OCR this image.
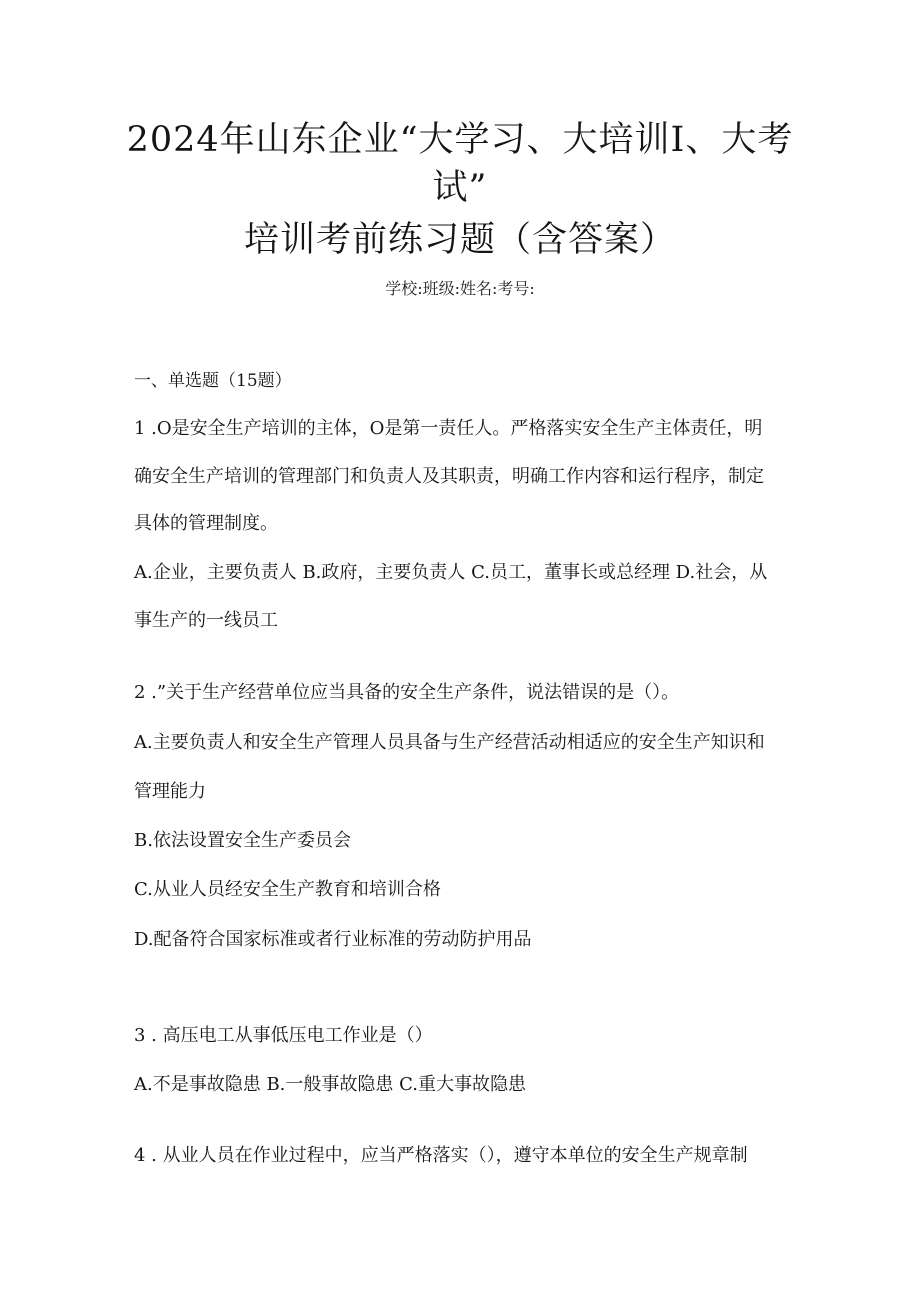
2024年山东企业“大学习、大培训I、大考
试”
培训考前练习题（含答案）
学校:班级:姓名:考号:
一、单选题（15题）
1 .O是安全生产培训的主体，O是第一责任人。严格落实安全生产主体责任，明
确安全生产培训的管理部门和负责人及其职责，明确工作内容和运行程序，制定
具体的管理制度。
A.企业，主要负责人 B.政府，主要负责人 C.员工，董事长或总经理 D.社会，从
事生产的一线员工
2 .”关于生产经营单位应当具备的安全生产条件，说法错误的是（）。
A.主要负责人和安全生产管理人员具备与生产经营活动相适应的安全生产知识和
管理能力
B.依法设置安全生产委员会
C.从业人员经安全生产教育和培训合格
D.配备符合国家标准或者行业标准的劳动防护用品
3 . 高压电工从事低压电工作业是（）
A.不是事故隐患 B.一般事故隐患 C.重大事故隐患
4 . 从业人员在作业过程中，应当严格落实（），遵守本单位的安全生产规章制
